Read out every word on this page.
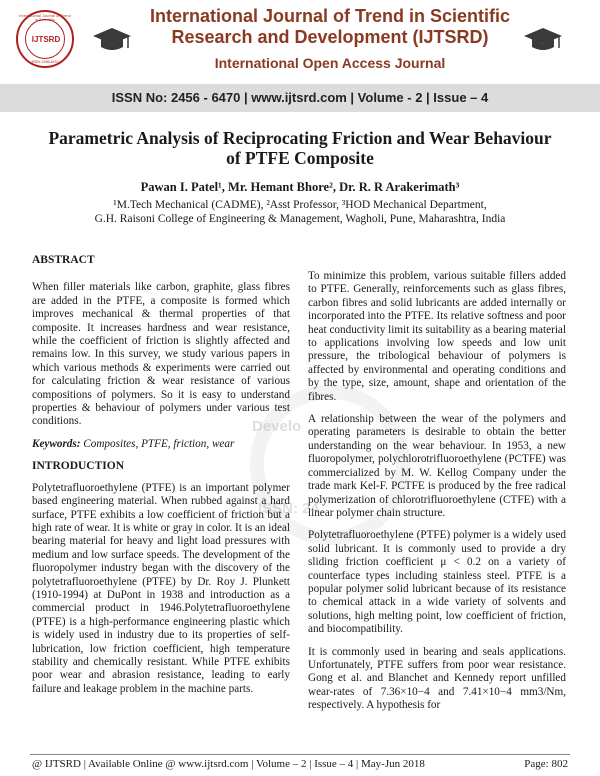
International Journal of Trend in Scientific
IJTSRD
ISSN: 2456-6470
International Journal of Trend in Scientific Research and Development (IJTSRD)
International Open Access Journal
ISSN No: 2456 - 6470 | www.ijtsrd.com | Volume - 2 | Issue – 4
Parametric Analysis of Reciprocating Friction and Wear Behaviour of PTFE Composite
Pawan I. Patel¹, Mr. Hemant Bhore², Dr. R. R Arakerimath³
¹M.Tech Mechanical (CADME), ²Asst Professor, ³HOD Mechanical Department,
G.H. Raisoni College of Engineering & Management, Wagholi, Pune, Maharashtra, India
Develo
ISSN: 24
ABSTRACT
When filler materials like carbon, graphite, glass fibres are added in the PTFE, a composite is formed which improves mechanical & thermal properties of that composite. It increases hardness and wear resistance, while the coefficient of friction is slightly affected and remains low. In this survey, we study various papers in which various methods & experiments were carried out for calculating friction & wear resistance of various compositions of polymers. So it is easy to understand properties & behaviour of polymers under various test conditions.
Keywords: Composites, PTFE, friction, wear
INTRODUCTION
Polytetrafluoroethylene (PTFE) is an important polymer based engineering material. When rubbed against a hard surface, PTFE exhibits a low coefficient of friction but a high rate of wear. It is white or gray in color. It is an ideal bearing material for heavy and light load pressures with medium and low surface speeds. The development of the fluoropolymer industry began with the discovery of the polytetrafluoroethylene (PTFE) by Dr. Roy J. Plunkett (1910-1994) at DuPont in 1938 and introduction as a commercial product in 1946.Polytetrafluoroethylene (PTFE) is a high-performance engineering plastic which is widely used in industry due to its properties of self-lubrication, low friction coefficient, high temperature stability and chemically resistant. While PTFE exhibits poor wear and abrasion resistance, leading to early failure and leakage problem in the machine parts.
To minimize this problem, various suitable fillers added to PTFE. Generally, reinforcements such as glass fibres, carbon fibres and solid lubricants are added internally or incorporated into the PTFE. Its relative softness and poor heat conductivity limit its suitability as a bearing material to applications involving low speeds and low unit pressure, the tribological behaviour of polymers is affected by environmental and operating conditions and by the type, size, amount, shape and orientation of the fibres.
A relationship between the wear of the polymers and operating parameters is desirable to obtain the better understanding on the wear behaviour. In 1953, a new fluoropolymer, polychlorotrifluoroethylene (PCTFE) was commercialized by M. W. Kellog Company under the trade mark Kel-F. PCTFE is produced by the free radical polymerization of chlorotrifluoroethylene (CTFE) with a linear polymer chain structure.
Polytetrafluoroethylene (PTFE) polymer is a widely used solid lubricant. It is commonly used to provide a dry sliding friction coefficient μ < 0.2 on a variety of counterface types including stainless steel. PTFE is a popular polymer solid lubricant because of its resistance to chemical attack in a wide variety of solvents and solutions, high melting point, low coefficient of friction, and biocompatibility.
It is commonly used in bearing and seals applications. Unfortunately, PTFE suffers from poor wear resistance. Gong et al. and Blanchet and Kennedy report unfilled wear-rates of 7.36×10−4 and 7.41×10−4 mm3/Nm, respectively. A hypothesis for
@ IJTSRD | Available Online @ www.ijtsrd.com | Volume – 2 | Issue – 4 | May-Jun 2018	Page: 802
